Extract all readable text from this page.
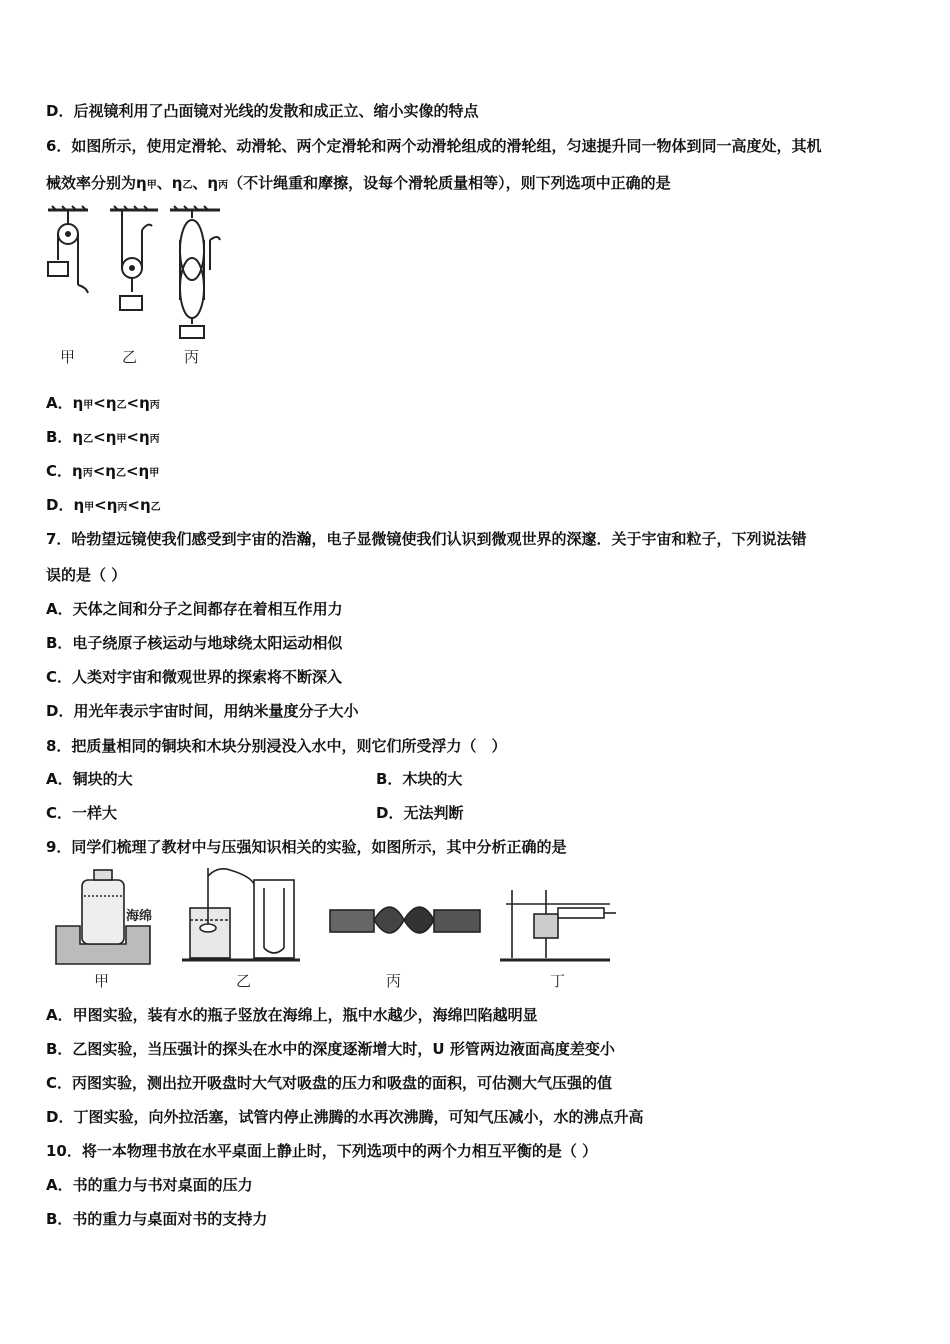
D．后视镜利用了凸面镜对光线的发散和成正立、缩小实像的特点
6．如图所示，使用定滑轮、动滑轮、两个定滑轮和两个动滑轮组成的滑轮组，匀速提升同一物体到同一高度处，其机
械效率分别为η甲、η乙、η丙（不计绳重和摩擦，设每个滑轮质量相等），则下列选项中正确的是
甲	乙	丙
A．η甲<η乙<η丙
B．η乙<η甲<η丙
C．η丙<η乙<η甲
D．η甲<η丙<η乙
7．哈勃望远镜使我们感受到宇宙的浩瀚，电子显微镜使我们认识到微观世界的深邃．关于宇宙和粒子，下列说法错
误的是（ ）
A．天体之间和分子之间都存在着相互作用力
B．电子绕原子核运动与地球绕太阳运动相似
C．人类对宇宙和微观世界的探索将不断深入
D．用光年表示宇宙时间，用纳米量度分子大小
8．把质量相同的铜块和木块分别浸没入水中，则它们所受浮力（　）
A．铜块的大	B．木块的大
C．一样大	D．无法判断
9．同学们梳理了教材中与压强知识相关的实验，如图所示，其中分析正确的是
海绵
甲	乙	丙	丁
A．甲图实验，装有水的瓶子竖放在海绵上，瓶中水越少，海绵凹陷越明显
B．乙图实验，当压强计的探头在水中的深度逐渐增大时，U 形管两边液面高度差变小
C．丙图实验，测出拉开吸盘时大气对吸盘的压力和吸盘的面积，可估测大气压强的值
D．丁图实验，向外拉活塞，试管内停止沸腾的水再次沸腾，可知气压减小，水的沸点升高
10．将一本物理书放在水平桌面上静止时，下列选项中的两个力相互平衡的是（ ）
A．书的重力与书对桌面的压力
B．书的重力与桌面对书的支持力
